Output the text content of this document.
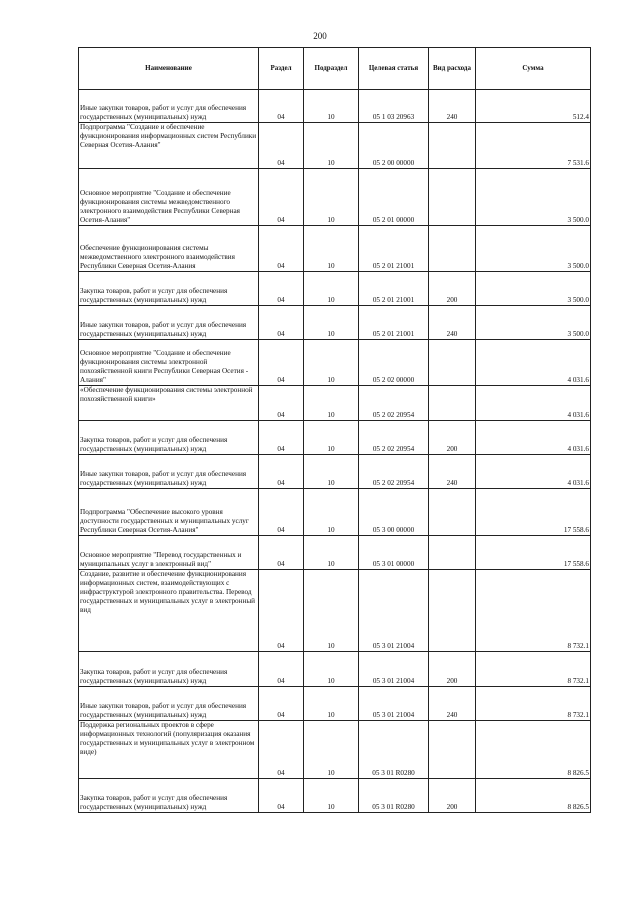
200
Наименование	Раздел	Подраздел	Целевая статья	Вид расхода	Сумма
Иные закупки товаров, работ и услуг для обеспечения государственных (муниципальных) нужд	04	10	05 1 03 20963	240	512.4
Подпрограмма "Создание и обеспечение функционирования информационных систем Республики Северная Осетия-Алания"	04	10	05 2 00 00000		7 531.6
Основное мероприятие "Создание и обеспечение функционирования системы межведомственного электронного взаимодействия Республики Северная Осетия-Алания"	04	10	05 2 01 00000		3 500.0
Обеспечение функционирования системы межведомственного электронного взаимодействия Республики Северная Осетия-Алания	04	10	05 2 01 21001		3 500.0
Закупка товаров, работ и услуг для обеспечения государственных (муниципальных) нужд	04	10	05 2 01 21001	200	3 500.0
Иные закупки товаров, работ и услуг для обеспечения государственных (муниципальных) нужд	04	10	05 2 01 21001	240	3 500.0
Основное мероприятие "Создание и обеспечение функционирования системы электронной похозяйственной книги Республики Северная Осетия - Алания"	04	10	05 2 02 00000		4 031.6
«Обеспечение функционирования системы электронной похозяйственной книги»	04	10	05 2 02 20954		4 031.6
Закупка товаров, работ и услуг для обеспечения государственных (муниципальных) нужд	04	10	05 2 02 20954	200	4 031.6
Иные закупки товаров, работ и услуг для обеспечения государственных (муниципальных) нужд	04	10	05 2 02 20954	240	4 031.6
Подпрограмма "Обеспечение высокого уровня доступности государственных и муниципальных услуг Республики Северная Осетия-Алания"	04	10	05 3 00 00000		17 558.6
Основное мероприятие "Перевод государственных и муниципальных услуг в электронный вид"	04	10	05 3 01 00000		17 558.6
Создание, развитие и обеспечение функционирования информационных систем, взаимодействующих с инфраструктурой электронного правительства. Перевод государственных и муниципальных услуг в электронный вид	04	10	05 3 01 21004		8 732.1
Закупка товаров, работ и услуг для обеспечения государственных (муниципальных) нужд	04	10	05 3 01 21004	200	8 732.1
Иные закупки товаров, работ и услуг для обеспечения государственных (муниципальных) нужд	04	10	05 3 01 21004	240	8 732.1
Поддержка региональных проектов в сфере информационных технологий (популяризация оказания государственных и муниципальных услуг в электронном виде)	04	10	05 3 01 R0280		8 826.5
Закупка товаров, работ и услуг для обеспечения государственных (муниципальных) нужд	04	10	05 3 01 R0280	200	8 826.5
